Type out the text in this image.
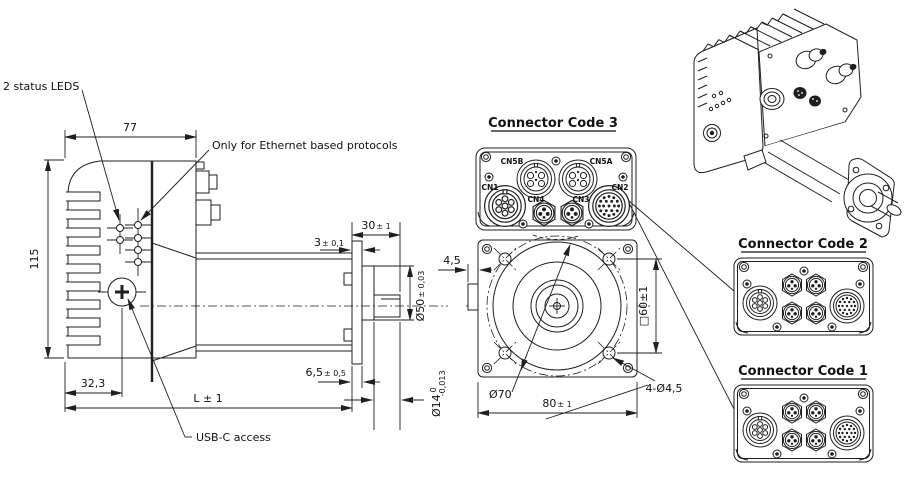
77
115
2 status LEDS
Only for Ethernet based protocols
USB-C access
32,3
L ± 1
3± 0,1
30± 1
Ø50± 0,03
6,5± 0,5
$Ø14^0-0,013$
Connector Code 3
CN5B	CN5A
CN1	CN2
CN4	CN3
4,5
Ø70
80± 1
□60±1
4-Ø4,5
Connector Code 2
Connector Code 1
